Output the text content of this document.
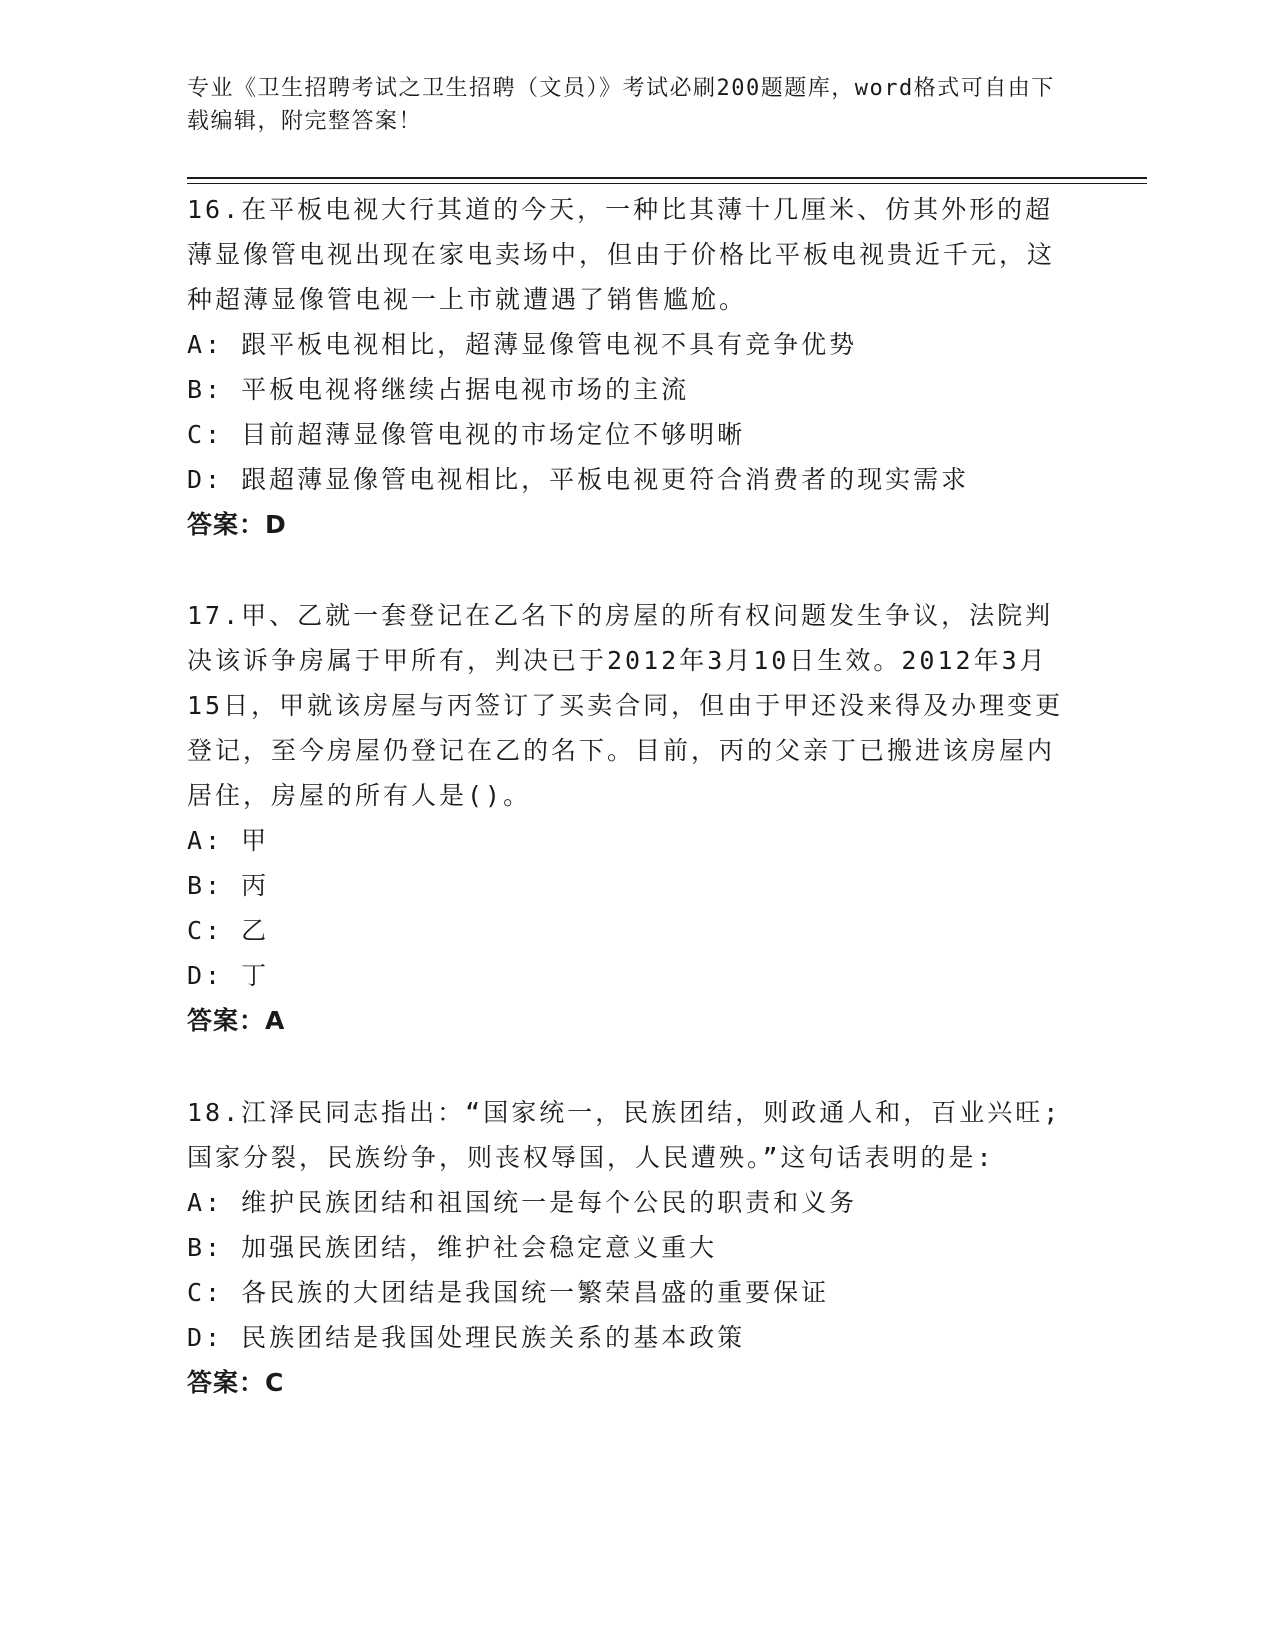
专业《卫生招聘考试之卫生招聘（文员）》考试必刷200题题库，word格式可自由下载编辑，附完整答案！

16.在平板电视大行其道的今天，一种比其薄十几厘米、仿其外形的超薄显像管电视出现在家电卖场中，但由于价格比平板电视贵近千元，这种超薄显像管电视一上市就遭遇了销售尴尬。

A: 跟平板电视相比，超薄显像管电视不具有竞争优势

B: 平板电视将继续占据电视市场的主流

C: 目前超薄显像管电视的市场定位不够明晰

D: 跟超薄显像管电视相比，平板电视更符合消费者的现实需求

答案：D

17.甲、乙就一套登记在乙名下的房屋的所有权问题发生争议，法院判决该诉争房属于甲所有，判决已于2012年3月10日生效。2012年3月15日，甲就该房屋与丙签订了买卖合同，但由于甲还没来得及办理变更登记，至今房屋仍登记在乙的名下。目前，丙的父亲丁已搬进该房屋内居住，房屋的所有人是()。

A: 甲

B: 丙

C: 乙

D: 丁

答案：A

18.江泽民同志指出：“国家统一，民族团结，则政通人和，百业兴旺;国家分裂，民族纷争，则丧权辱国，人民遭殃。”这句话表明的是:

A: 维护民族团结和祖国统一是每个公民的职责和义务

B: 加强民族团结，维护社会稳定意义重大

C: 各民族的大团结是我国统一繁荣昌盛的重要保证

D: 民族团结是我国处理民族关系的基本政策

答案：C
